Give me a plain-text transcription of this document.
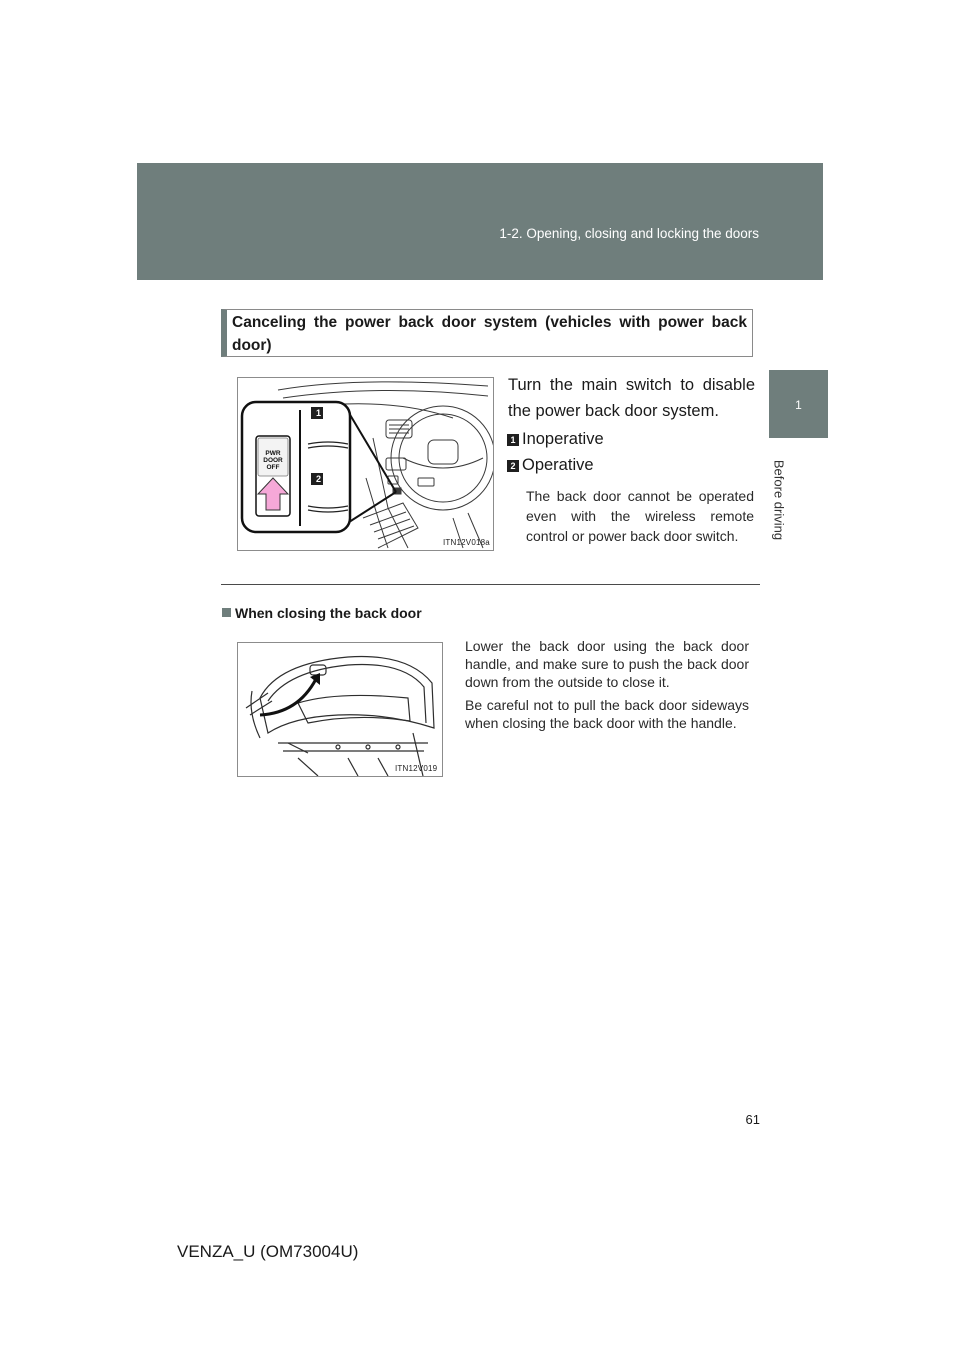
1-2. Opening, closing and locking the doors
1
Before driving
Canceling the power back door system (vehicles with power back door)
1
2
PWR
DOOR
OFF
ITN12V018a
Turn the main switch to disable the power back door system.
1 Inoperative
2 Operative
The back door cannot be operated even with the wireless remote control or power back door switch.
When closing the back door
ITN12V019
Lower the back door using the back door handle, and make sure to push the back door down from the outside to close it.
Be careful not to pull the back door sideways when closing the back door with the handle.
61
VENZA_U (OM73004U)
